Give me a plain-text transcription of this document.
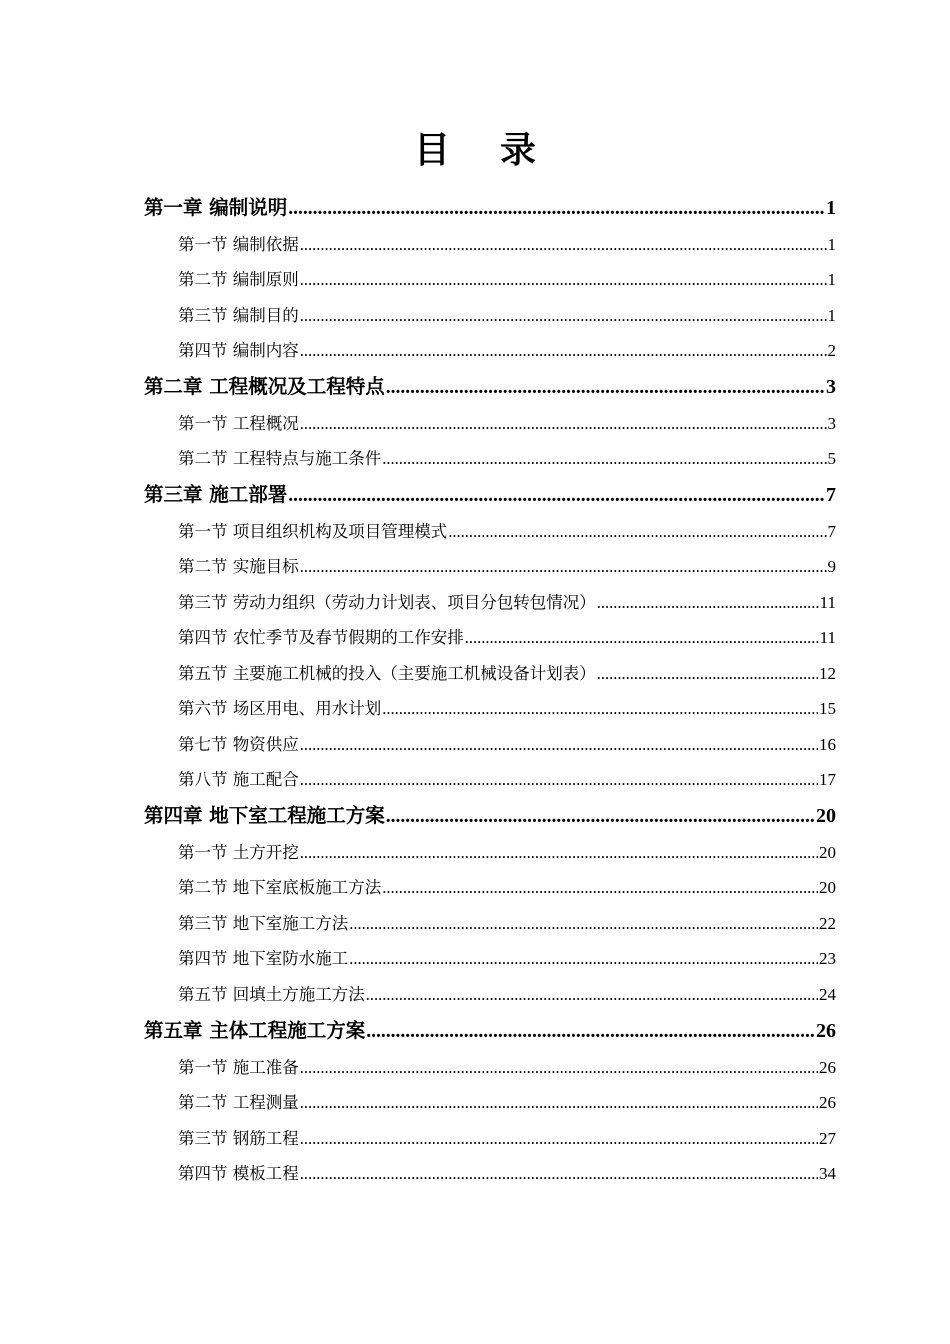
目 录
第一章 编制说明 .....	1
第一节 编制依据 .....	1
第二节 编制原则 .....	1
第三节 编制目的 .....	1
第四节 编制内容 .....	2
第二章 工程概况及工程特点 .....	3
第一节 工程概况 .....	3
第二节 工程特点与施工条件 .....	5
第三章 施工部署 .....	7
第一节 项目组织机构及项目管理模式 .....	7
第二节 实施目标 .....	9
第三节 劳动力组织（劳动力计划表、项目分包转包情况） .....	11
第四节 农忙季节及春节假期的工作安排 .....	11
第五节 主要施工机械的投入（主要施工机械设备计划表） .....	12
第六节 场区用电、用水计划 .....	15
第七节 物资供应 .....	16
第八节 施工配合 .....	17
第四章 地下室工程施工方案 .....	20
第一节 土方开挖 .....	20
第二节 地下室底板施工方法 .....	20
第三节 地下室施工方法 .....	22
第四节 地下室防水施工 .....	23
第五节 回填土方施工方法 .....	24
第五章 主体工程施工方案 .....	26
第一节 施工准备 .....	26
第二节 工程测量 .....	26
第三节 钢筋工程 .....	27
第四节 模板工程 .....	34
